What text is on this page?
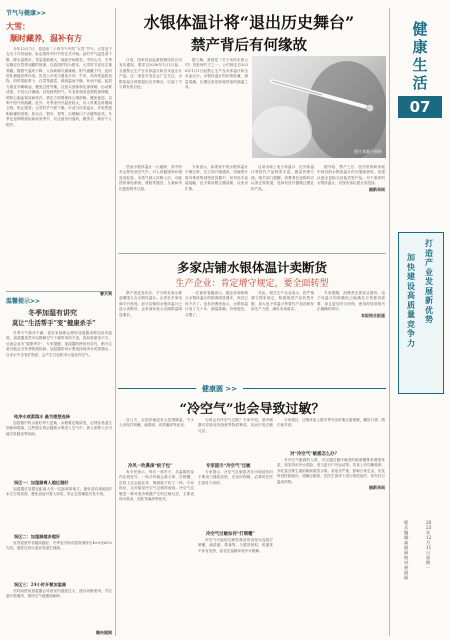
节气与健康>>
大雪：
顺时藏养，温补有方

今年12月7日，将迎来二十四节气中的“大雪”节气。大雪是干支历子月的起始，标志着仲冬时节的正式开始。此时节气温显著下降，降水量增多，雪量逐渐增大，地面开始积雪。中医认为，冬季应顺应自然界闭藏的规律，以敛阴护阳为根本，大雪时节更应注重养藏。随着气温的下降，人体新陈代谢减缓，阳气潜藏于内，此时进补最能发挥作用。饮食上可适当增加羊肉、牛肉、鸡肉等温热食物，同时搭配萝卜、白菜等蔬菜，做到温而不燥、补而不腻。起居方面宜早睡晚起，避免过度劳累，注意头颈部和足部保暖。运动要适度，不宜大汗淋漓，以免耗伤阳气。年老体弱者更需防寒保暖，预防心脑血管疾病发作。情志方面要保持心情舒畅，避免郁怒，以利于阳气的潜藏。此外，冬季室内外温差较大，出入时要及时增减衣物，防止感冒。大雪时节气候干燥，可适当饮用温水，多吃些滋阴润燥的食物，如百合、银耳、梨等，以缓解口干舌燥等症状。冬季也是呼吸道疾病高发季节，应注意室内通风，勤洗手，做好个人防护。

曾大利
温馨提示>>
冬季加湿有讲究
莫让“生活帮手”变“健康杀手”

冬季天气寒冷干燥，很多家庭都会使用加湿器来增加室内湿度。加湿器虽然可以缓解空气干燥带来的不适，但如果使用不当，反而会成为“健康杀手”。专家提醒，加湿器的使用有讲究，稍不注意可能会引发呼吸道疾病。加湿器的用水要选择纯净水或蒸馏水，自来水中含有矿物质，会产生白色粉末污染室内空气。

纯净水或蒸馏水 最为理想选择

加湿器中的水最好每天更换，水箱要定期清洗，否则容易滋生细菌和霉菌，这些微生物会随着水雾进入空气中，被人体吸入后可能引发肺炎等疾病。

误区一：加湿器离人越近越好

加湿器应放置在距离人体一定距离的地方，最好放在离地面1米左右的高度，避免直接对着人体吹，防止过度潮湿引发不适。

误区二：加湿器越多越好

室内湿度并非越高越好，冬季室内相对湿度保持在40%至60%为宜，湿度过高反而容易滋生细菌。

误区三：24小时开着加湿器

长时间使用加湿器会导致室内湿度过大，建议间断使用，并注意开窗通风，保持空气流通和新鲜。

据央视网
水银体温计将“退出历史舞台”
禁产背后有何缘故

日前，国家药品监督管理局综合司发布通知，要求自2026年1月1日起，全面禁止生产含汞体温计和含汞血压计产品。这一消息引发社会广泛关注，水银体温计即将退出历史舞台，引起了不少网友的讨论。

据了解，我国是《关于汞的水俣公约》首批缔约方之一，公约规定自2026年1月1日起禁止生产含汞体温计和含汞血压计。水银体温计因价格低廉、测量准确，长期以来是家庭常备的测温工具。

图片来源于网络

然而水银体温计一旦破碎，其中的汞会挥发到空气中，对人体健康和环境造成危害。汞蒸气被人体吸入后，可能损伤神经系统、肾脏等器官，儿童和孕妇更需格外注意。

专家表示，如果家中的水银体温计不慎打碎，应立即开窗通风，用硬纸片将汞珠收集到密封容器中，切勿用手直接接触，也不要用吸尘器清理，以免汞扩散。

目前市场上电子体温计、红外体温计等替代产品种类丰富，测量快捷方便。相关部门提醒，消费者在选购时应认准正规渠道，选择有医疗器械注册证的产品。

据介绍，禁产之后，医疗机构和家庭中现有的水银体温计仍可继续使用，但建议逐步更换为其他类型产品。对于废弃的水银体温计，应按有害垃圾分类投放。

据新华网
多家店铺水银体温计卖断货
生产企业：肯定增守规定，要全面转型

禁产消息发布后，不少网友表示要赶紧囤几支水银体温计。记者在多家电商平台发现，部分店铺的水银体温计已显示卖断货，也有商家表示近期销量明显增长。

一位商家客服表示，最近咨询和购买水银体温计的顾客明显增多，库存已经不多了。也有消费者表示，水银体温计用了几十年，测量准确，价格便宜，习惯了。

对此，相关生产企业表示，将严格遵守国家规定，积极推进产品转型升级，加大电子体温计等替代产品的研发和生产力度，满足市场需求。

专家提醒，消费者无需盲目囤货，电子体温计的准确性已能满足日常使用需要，而且更加安全环保，使用时按说明书正确操作即可。

本报综合报道
健康圆 >>
“冷空气”也会导致过敏？

近几天，全国多地迎来大范围降温，不少人出现打喷嚏、流鼻涕、皮肤瘙痒等症状。

冷风一吹鼻涕“蚊子包”

有市民表示，每次一到冬天，从温暖的室内走到室外，一吹冷风就会鼻子痒、打喷嚏，皮肤上还会起红疹，像被蚊子咬了一样。专家指出，这可能是冷空气过敏的表现。冷空气过敏是一种对寒冷刺激产生的过敏反应，主要表现为鼻炎、皮肤荨麻疹等症状。

为何会对冷空气过敏？专家介绍，寒冷刺激可导致体内组胺等物质释放，从而引发过敏反应。

专家提示“冷空气”过敏

专家提示，冷空气过敏患者在出现症状时不要用力搔抓皮肤，应及时保暖，必要时在医生指导下用药。

冷空气过敏如何“打喷嚏”

冷空气引起的过敏性鼻炎常表现为连续打喷嚏、流清涕、鼻塞等，与感冒相似，但通常不伴有发热，症状在温暖环境中可缓解。

专家建议，过敏体质人群冬季外出时要注意保暖，戴好口罩、围巾和手套。

对“冷空气”敏感怎么办？

对冷空气敏感的人群，可以通过循序渐进的耐寒锻炼来增强体质，如坚持用冷水洗脸、适当进行户外运动等。饮食上应均衡营养，多吃富含维生素的新鲜蔬菜水果。若症状严重，影响日常生活，应及时到医院就诊，明确过敏原，在医生指导下进行规范治疗，切勿自行滥用药物。

据新华网
健
康
生
活
07
加
快
建
设
高
质
量
竞
争
力
打
造
产
业
发
展
新
优
势
版式编辑：高丽丽 校对：崔丽丽
2023年12月11日 星期一
